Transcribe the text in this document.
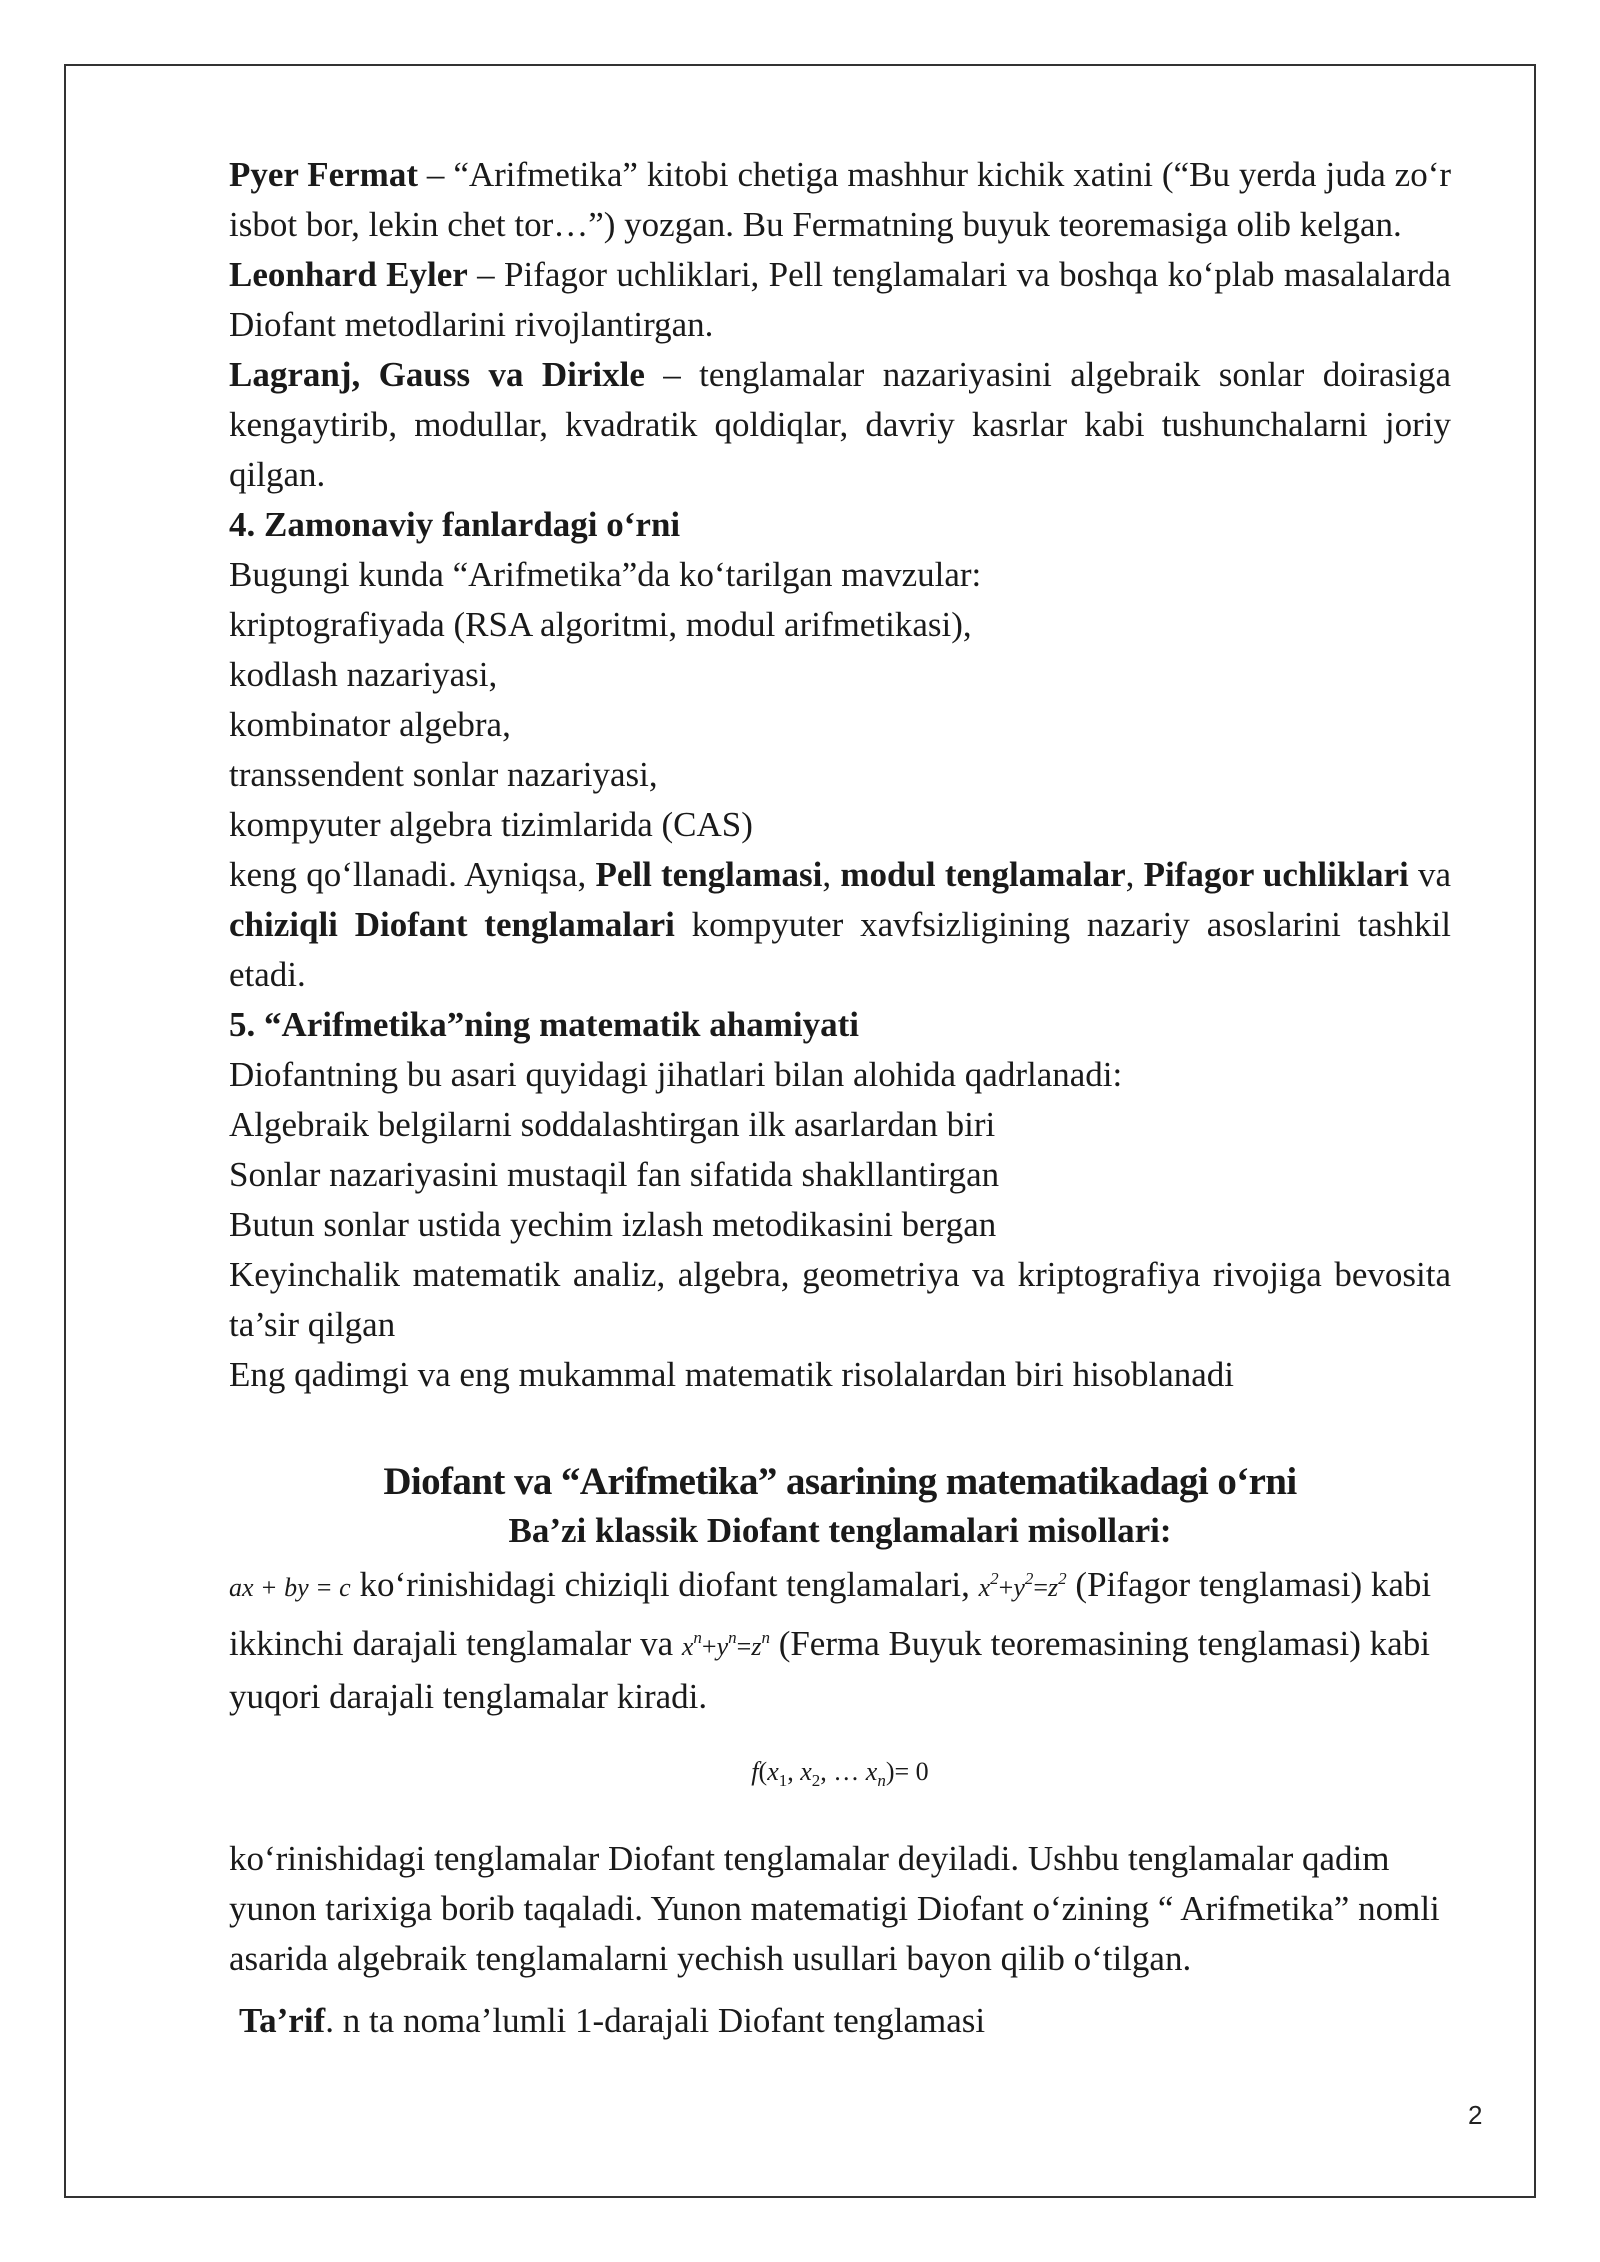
Pyer Fermat – “Arifmetika” kitobi chetiga mashhur kichik xatini (“Bu yerda juda zo‘r isbot bor, lekin chet tor…”) yozgan. Bu Fermatning buyuk teoremasiga olib kelgan.

Leonhard Eyler – Pifagor uchliklari, Pell tenglamalari va boshqa ko‘plab masalalarda Diofant metodlarini rivojlantirgan.

Lagranj, Gauss va Dirixle – tenglamalar nazariyasini algebraik sonlar doirasiga kengaytirib, modullar, kvadratik qoldiqlar, davriy kasrlar kabi tushunchalarni joriy qilgan.

4. Zamonaviy fanlardagi o‘rni

Bugungi kunda “Arifmetika”da ko‘tarilgan mavzular:

kriptografiyada (RSA algoritmi, modul arifmetikasi),

kodlash nazariyasi,

kombinator algebra,

transsendent sonlar nazariyasi,

kompyuter algebra tizimlarida (CAS)

keng qo‘llanadi. Ayniqsa, Pell tenglamasi, modul tenglamalar, Pifagor uchliklari va chiziqli Diofant tenglamalari kompyuter xavfsizligining nazariy asoslarini tashkil etadi.

5. “Arifmetika”ning matematik ahamiyati

Diofantning bu asari quyidagi jihatlari bilan alohida qadrlanadi:

Algebraik belgilarni soddalashtirgan ilk asarlardan biri

Sonlar nazariyasini mustaqil fan sifatida shakllantirgan

Butun sonlar ustida yechim izlash metodikasini bergan

Keyinchalik matematik analiz, algebra, geometriya va kriptografiya rivojiga bevosita ta’sir qilgan

Eng qadimgi va eng mukammal matematik risolalardan biri hisoblanadi

Diofant va “Arifmetika” asarining matematikadagi o‘rni

Ba’zi klassik Diofant tenglamalari misollari:

ax + by = c ko‘rinishidagi chiziqli diofant tenglamalari, $x^2+y^2=z^2$ (Pifagor tenglamasi) kabi ikkinchi darajali tenglamalar va $x^n+y^n=z^n$ (Ferma Buyuk teoremasining tenglamasi) kabi yuqori darajali tenglamalar kiradi.

$f(x_1$, $x_2$, … $x_n)= 0$

ko‘rinishidagi tenglamalar Diofant tenglamalar deyiladi. Ushbu tenglamalar qadim yunon tarixiga borib taqaladi. Yunon matematigi Diofant o‘zining “ Arifmetika” nomli asarida algebraik tenglamalarni yechish usullari bayon qilib o‘tilgan.

Ta’rif. n ta noma’lumli 1-darajali Diofant tenglamasi

2
